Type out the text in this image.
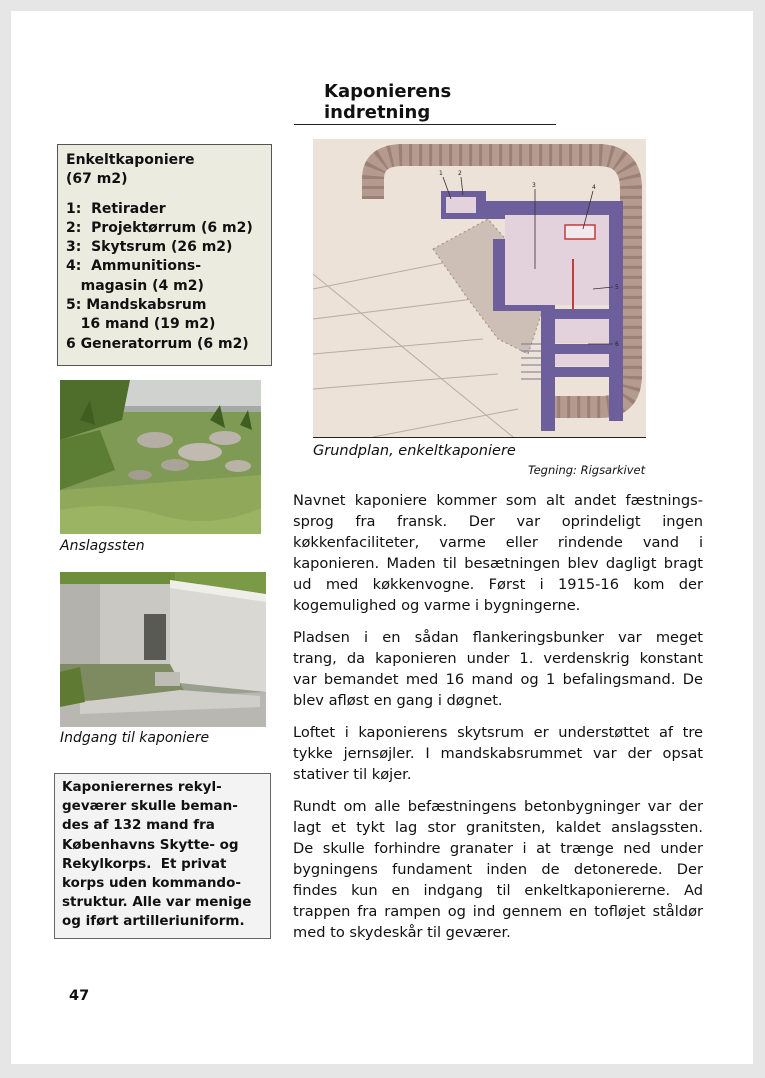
Kaponierens indretning
Enkeltkaponiere
(67 m2)
1:  Retirader
2:  Projektørrum (6 m2)
3:  Skytsrum (26 m2)
4:  Ammunitions-
magasin (4 m2)
5: Mandskabsrum
16 mand (19 m2)
6 Generatorrum (6 m2)
Anslagssten
Indgang til kaponiere
Kaponierernes rekyl-
geværer skulle beman-
des af 132 mand fra
Københavns Skytte- og
Rekylkorps.  Et privat
korps uden kommando-
struktur. Alle var menige
og iført artilleriuniform.
1	2
3	4
5
6
Grundplan, enkeltkaponiere
Tegning: Rigsarkivet

Navnet kaponiere kommer som alt andet fæstnings-
sprog fra fransk. Der var oprindeligt ingen
køkkenfaciliteter, varme eller rindende vand i
kaponieren. Maden til besætningen blev dagligt bragt
ud med køkkenvogne. Først i 1915-16 kom der
kogemulighed og varme i bygningerne.

Pladsen i en sådan flankeringsbunker var meget
trang, da kaponieren under 1. verdenskrig konstant
var bemandet med 16 mand og 1 befalingsmand. De
blev afløst en gang i døgnet.

Loftet i kaponierens skytsrum er understøttet af tre
tykke jernsøjler. I mandskabsrummet var der opsat
stativer til køjer.

Rundt om alle befæstningens betonbygninger var der
lagt et tykt lag stor granitsten, kaldet anslagssten.
De skulle forhindre granater i at trænge ned under
bygningens fundament inden de detonerede. Der
findes kun en indgang til enkeltkaponiererne. Ad
trappen fra rampen og ind gennem en tofløjet ståldør
med to skydeskår til geværer.

47
